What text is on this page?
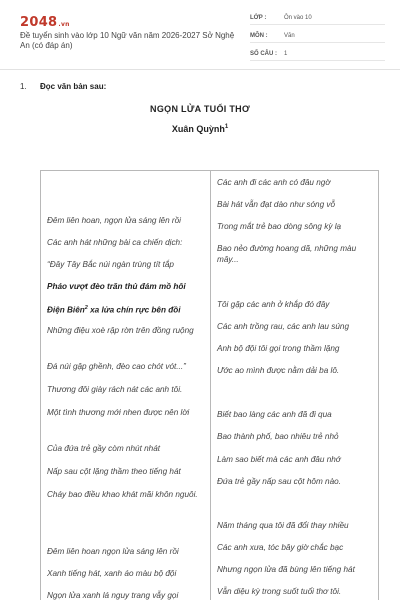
2048.vn
Đề tuyển sinh vào lớp 10 Ngữ văn năm 2026-2027 Sở Nghệ An (có đáp án)
LỚP :	Ôn vào 10
MÔN :	Văn
SỐ CÂU :	1
1. Đọc văn bản sau:
NGỌN LỬA TUỔI THƠ
Xuân Quỳnh$^1$
Đêm liên hoan, ngọn lửa sáng lên rồi
Các anh hát những bài ca chiến dịch:
“Đây Tây Bắc núi ngàn trùng tít tắp
Pháo vượt đèo trăn thủ đám mồ hôi
Điện Biên$^2$ xa lửa chín rực bên đồi
Những điệu xoè rập rờn trên đồng ruộng
Đá núi gập ghềnh, đèo cao chót vót...”
Thương đôi giày rách nát các anh tôi.
Một tình thương mới nhen được nên lời
Của đứa trẻ gầy còm nhút nhát
Nấp sau cột lặng thầm theo tiếng hát
Cháy bao điều khao khát mãi khôn nguôi.
Đêm liên hoan ngọn lửa sáng lên rồi
Xanh tiếng hát, xanh áo màu bộ đội
Ngọn lửa xanh lá nguy trang vẫy gọi
Các anh đi các anh có đâu ngờ
Bài hát vẫn đạt dào như sóng vỗ
Trong mắt trẻ bao dòng sông kỳ lạ
Bao nẻo đường hoang dã, những màu mây...
Tôi gặp các anh ở khắp đó đây
Các anh trồng rau, các anh lau súng
Anh bộ đội tôi gọi trong thầm lặng
Ước ao mình được nằm dải ba lô.
Biết bao làng các anh đã đi qua
Bao thành phố, bao nhiêu trẻ nhỏ
Làm sao biết mà các anh đâu nhớ
Đứa trẻ gầy nấp sau cột hôm nào.
Năm tháng qua tôi đã đổi thay nhiều
Các anh xưa, tóc bây giờ chắc bạc
Nhưng ngọn lửa đã bùng lên tiếng hát
Vẫn diệu kỳ trong suốt tuổi thơ tôi.
